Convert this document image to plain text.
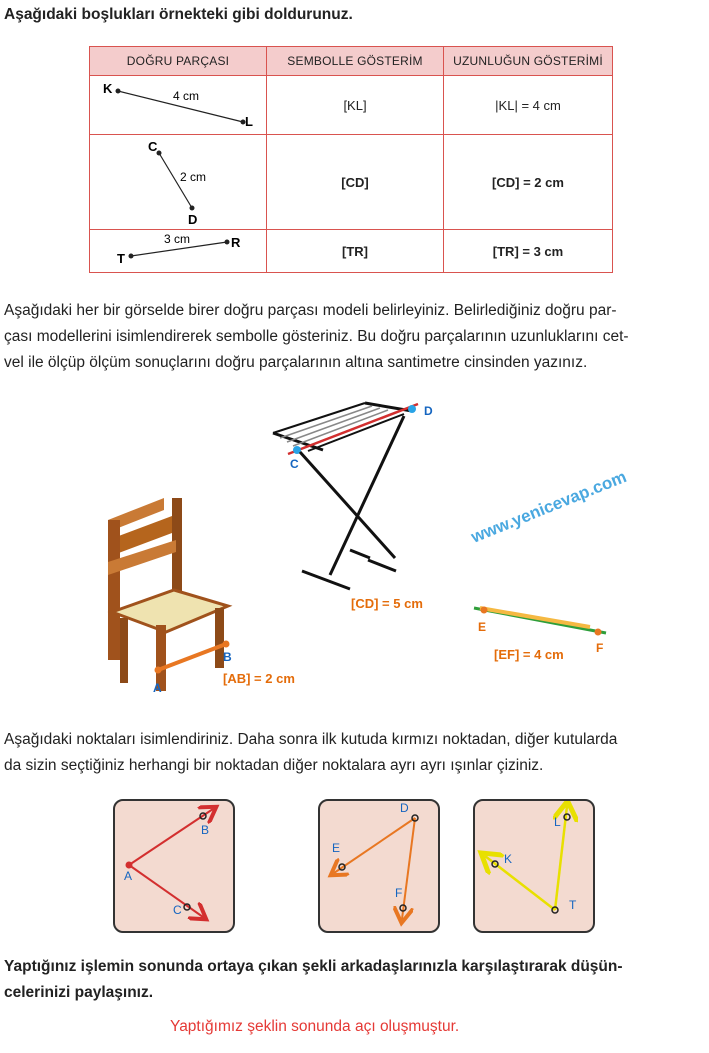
Aşağıdaki boşlukları örnekteki gibi doldurunuz.
DOĞRU PARÇASI	SEMBOLLE GÖSTERİM	UZUNLUĞUN GÖSTERİMİ

K
L
4 cm	[KL]	|KL| = 4 cm

C
D
2 cm	[CD]	[CD] = 2 cm

T
R
3 cm	[TR]	[TR] = 3 cm
Aşağıdaki her bir görselde birer doğru parçası modeli belirleyiniz. Belirlediğiniz doğru par-
çası modellerini isimlendirerek sembolle gösteriniz. Bu doğru parçalarının uzunluklarını cet-
vel ile ölçüp ölçüm sonuçlarını doğru parçalarının altına santimetre cinsinden yazınız.
C
D
[CD] = 5 cm
A
B
[AB] = 2 cm
E
F
[EF] = 4 cm
www.yenicevap.com
Aşağıdaki noktaları isimlendiriniz. Daha sonra ilk kutuda kırmızı noktadan, diğer kutularda
da sizin seçtiğiniz herhangi bir noktadan diğer noktalara ayrı ayrı ışınlar çiziniz.
A
B
C
D
E
F
L
K
T
Yaptığınız işlemin sonunda ortaya çıkan şekli arkadaşlarınızla karşılaştırarak düşün-
celerinizi paylaşınız.
Yaptığımız şeklin sonunda açı oluşmuştur.
